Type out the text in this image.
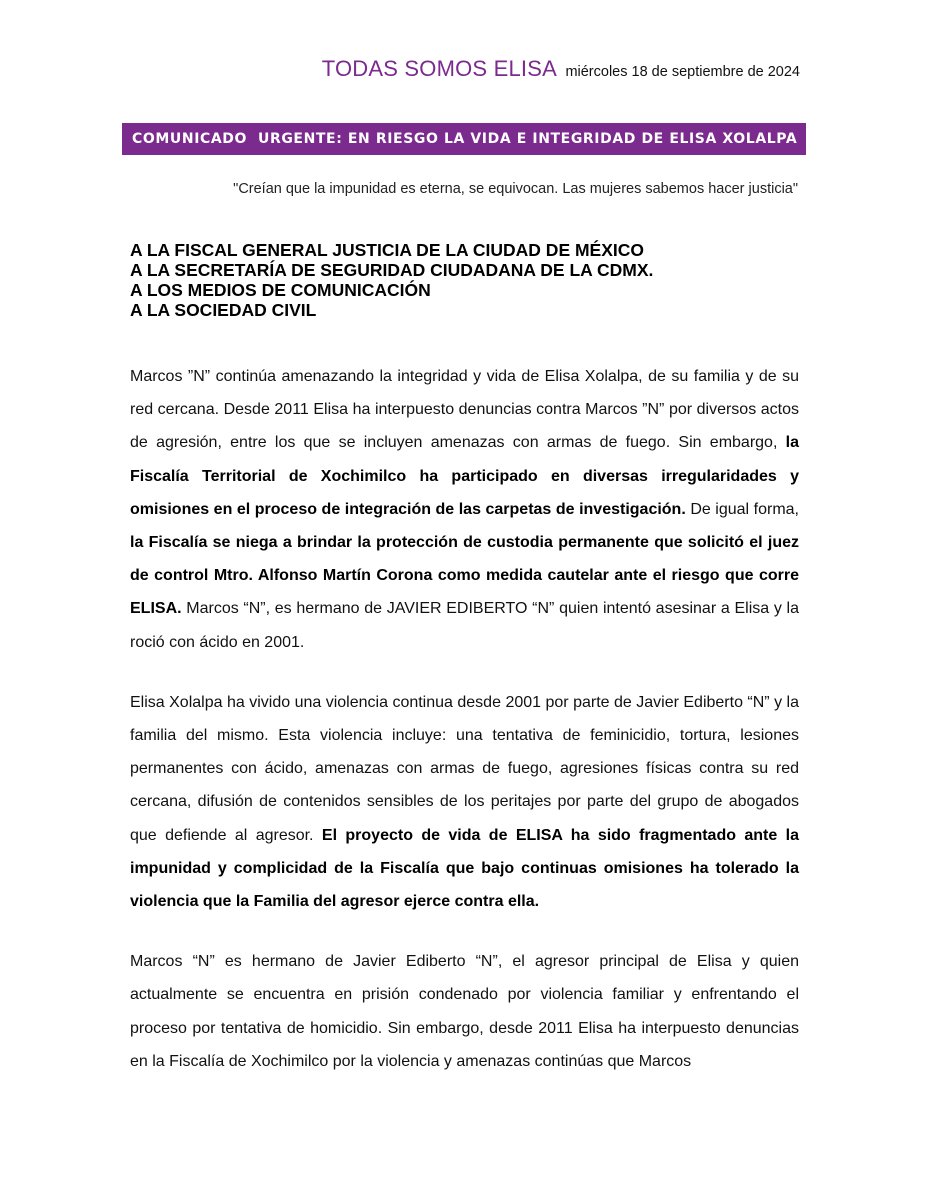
TODAS SOMOS ELISA miércoles 18 de septiembre de 2024
COMUNICADO  URGENTE: EN RIESGO LA VIDA E INTEGRIDAD DE ELISA XOLALPA
"Creían que la impunidad es eterna, se equivocan. Las mujeres sabemos hacer justicia"
A LA FISCAL GENERAL JUSTICIA DE LA CIUDAD DE MÉXICO
A LA SECRETARÍA DE SEGURIDAD CIUDADANA DE LA CDMX.
A LOS MEDIOS DE COMUNICACIÓN
A LA SOCIEDAD CIVIL

Marcos ”N” continúa amenazando la integridad y vida de Elisa Xolalpa, de su familia y de su red cercana. Desde 2011 Elisa ha interpuesto denuncias contra Marcos ”N” por diversos actos de agresión, entre los que se incluyen amenazas con armas de fuego. Sin embargo, la Fiscalía Territorial de Xochimilco ha participado en diversas irregularidades y omisiones en el proceso de integración de las carpetas de investigación. De igual forma, la Fiscalía se niega a brindar la protección de custodia permanente que solicitó el juez de control Mtro. Alfonso Martín Corona como medida cautelar ante el riesgo que corre ELISA. Marcos “N”, es hermano de JAVIER EDIBERTO “N” quien intentó asesinar a Elisa y la roció con ácido en 2001.

Elisa Xolalpa ha vivido una violencia continua desde 2001 por parte de Javier Ediberto “N” y la familia del mismo. Esta violencia incluye: una tentativa de feminicidio, tortura, lesiones permanentes con ácido, amenazas con armas de fuego, agresiones físicas contra su red cercana, difusión de contenidos sensibles de los peritajes por parte del grupo de abogados que defiende al agresor. El proyecto de vida de ELISA ha sido fragmentado ante la impunidad y complicidad de la Fiscalía que bajo continuas omisiones ha tolerado la violencia que la Familia del agresor ejerce contra ella.

Marcos “N” es hermano de Javier Ediberto “N”, el agresor principal de Elisa y quien actualmente se encuentra en prisión condenado por violencia familiar y enfrentando el proceso por tentativa de homicidio. Sin embargo, desde 2011 Elisa ha interpuesto denuncias en la Fiscalía de Xochimilco por la violencia y amenazas continúas que Marcos
